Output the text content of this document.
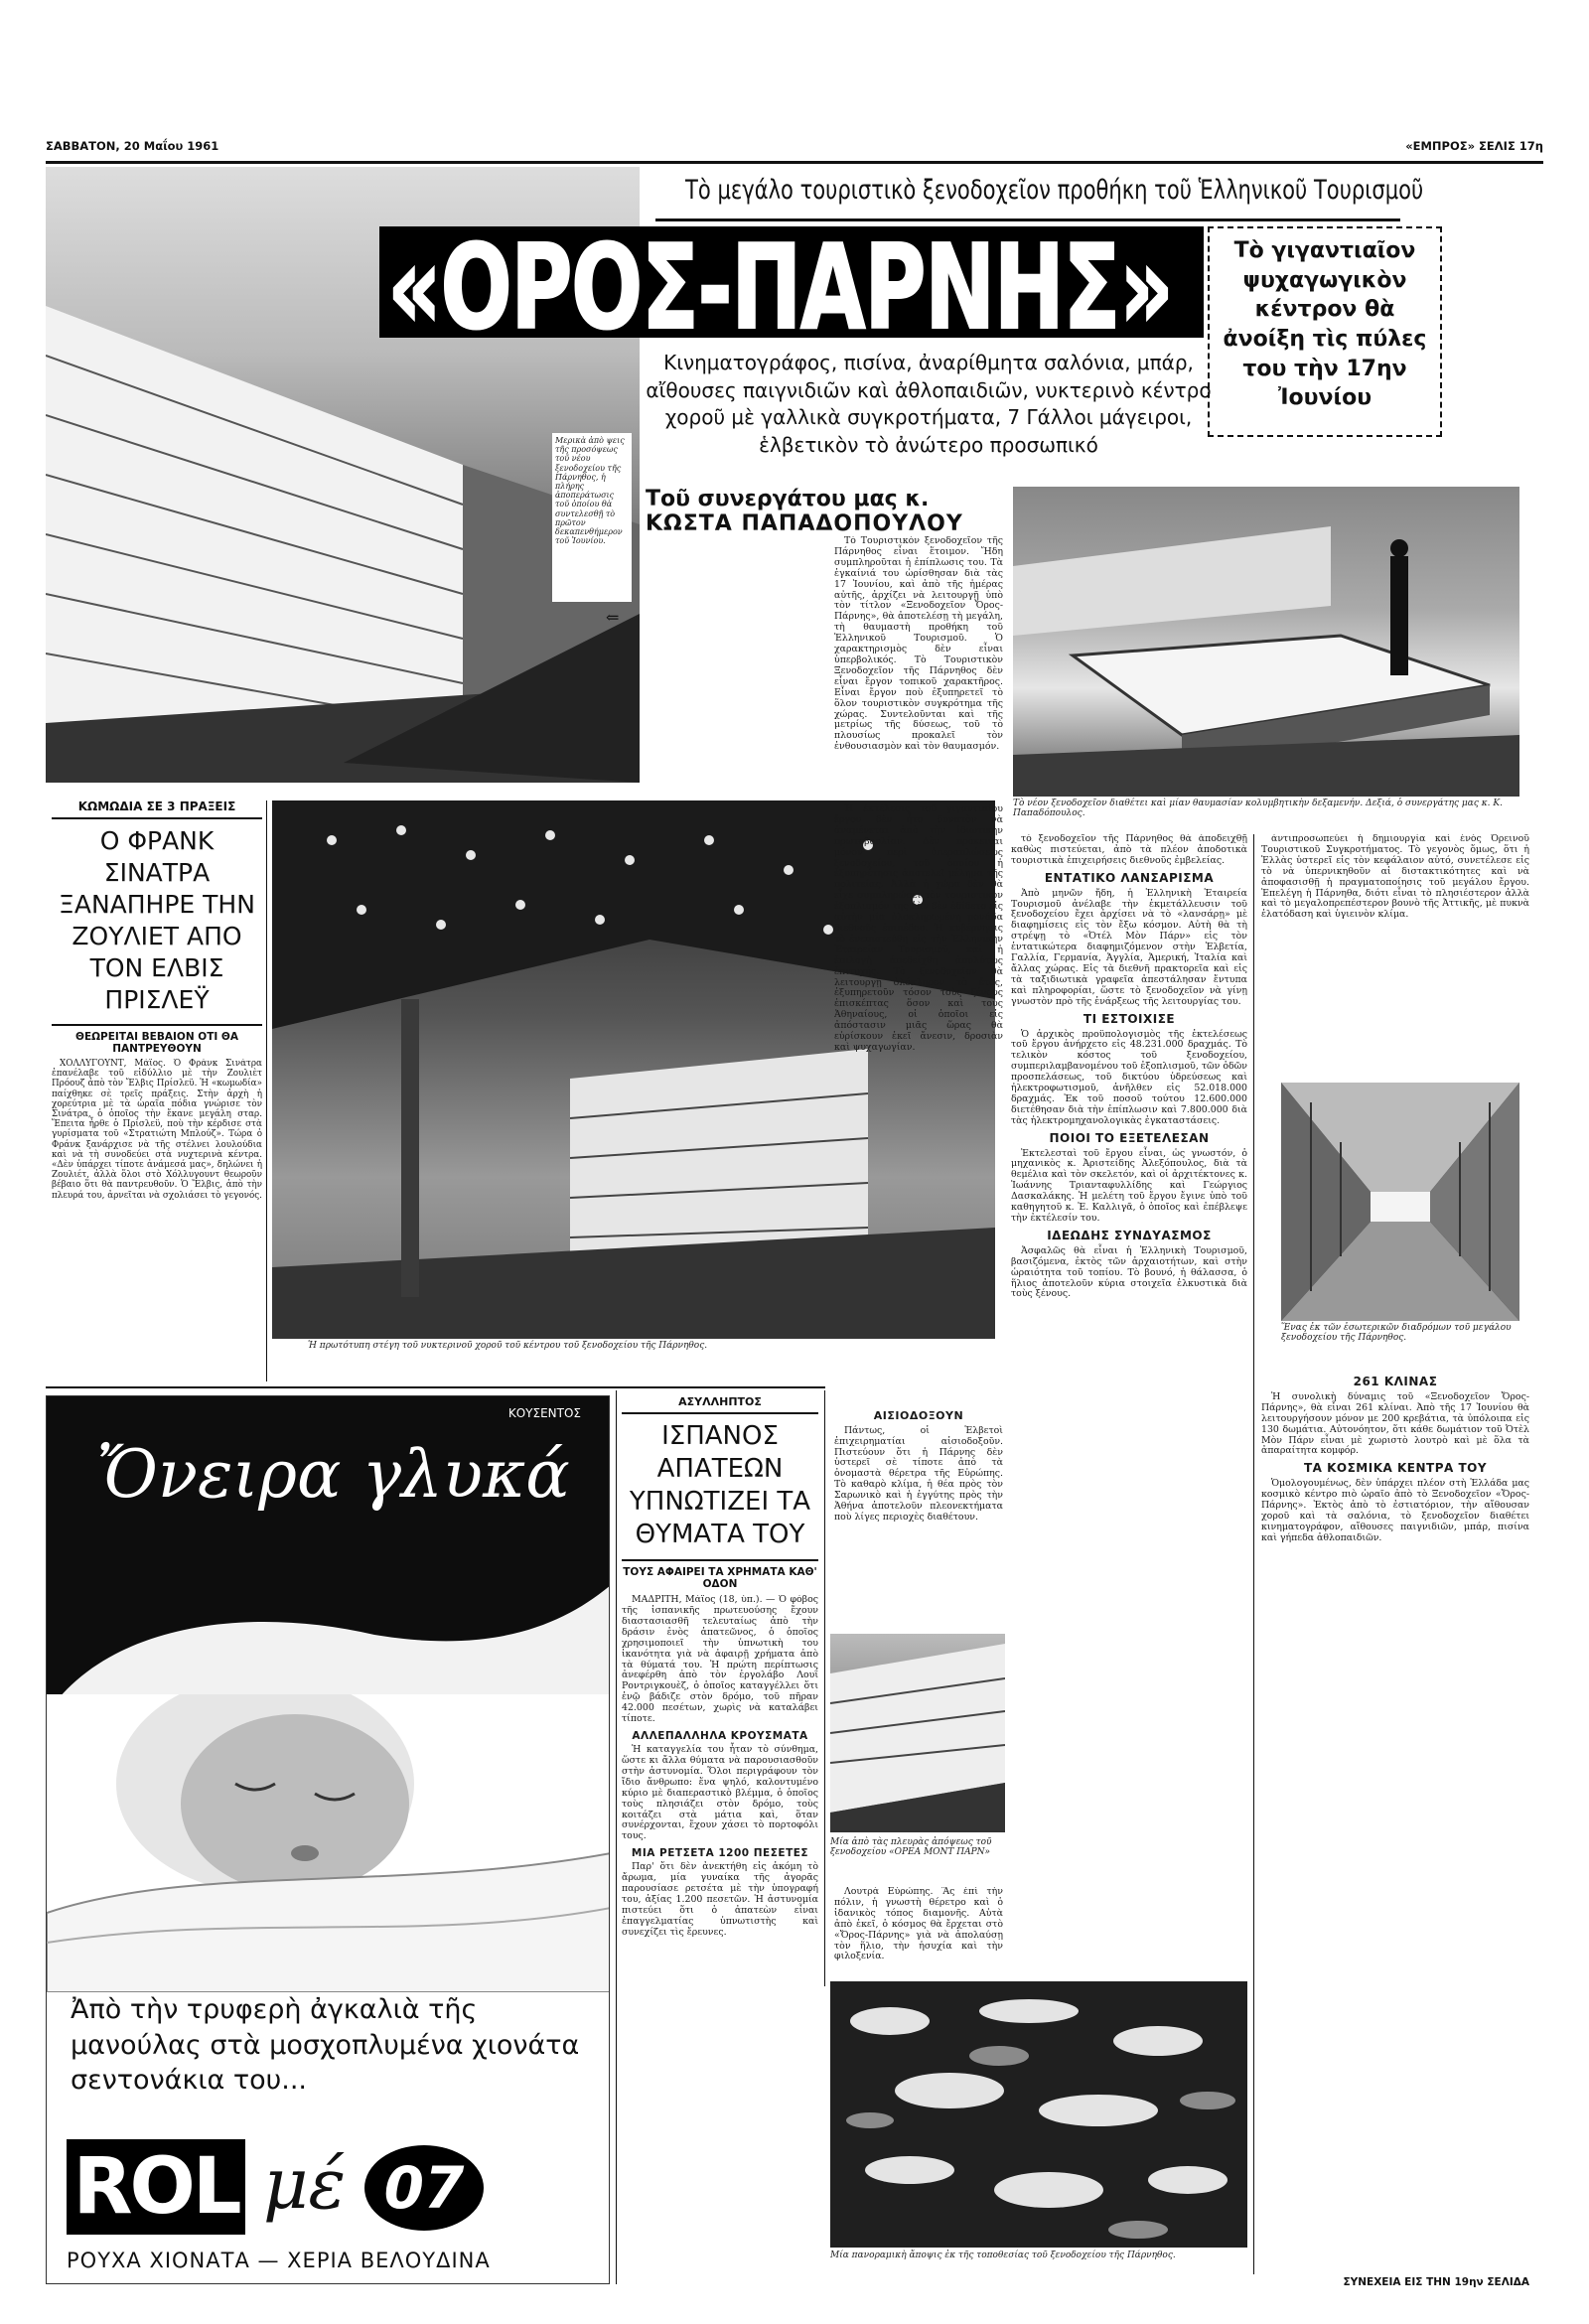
ΣΑΒΒΑΤΟΝ, 20 Μαΐου 1961	«ΕΜΠΡΟΣ» ΣΕΛΙΣ 17η
Μερικὰ ἀπὸ ψεις τῆς προσόψεως τοῦ νέου ξενοδοχείου τῆς Πάρνηθος, ἡ πλήρης ἀποπεράτωσις τοῦ ὁποίου θὰ συντελεσθῇ τὸ πρῶτον δεκαπενθήμερον τοῦ Ἰουνίου.
⇐
Τὸ μεγάλο τουριστικὸ ξενοδοχεῖον προθήκη τοῦ Ἑλληνικοῦ Τουρισμοῦ
«ΟΡΟΣ-ΠΑΡΝΗΣ»	Τὸ γιγαντιαῖον ψυχαγωγικὸν κέντρον θὰ ἀνοίξη τὶς πύλες του τὴν 17ην Ἰουνίου
Κινηματογράφος, πισίνα, ἀναρίθμητα σαλόνια, μπάρ, αἴθουσες παιγνιδιῶν καὶ ἀθλοπαιδιῶν, νυκτερινὸ κέντρο χοροῦ μὲ γαλλικὰ συγκροτήματα, 7 Γάλλοι μάγειροι, ἑλβετικὸν τὸ ἀνώτερο προσωπικό
Τοῦ συνεργάτου μας κ.
ΚΩΣΤΑ ΠΑΠΑΔΟΠΟΥΛΟΥ
ΚΩΜΩΔΙΑ ΣΕ 3 ΠΡΑΞΕΙΣ
Ο ΦΡΑΝΚ ΣΙΝΑΤΡΑ ΞΑΝΑΠΗΡΕ ΤΗΝ ΖΟΥΛΙΕΤ ΑΠΟ ΤΟΝ ΕΛΒΙΣ ΠΡΙΣΛΕΫ
ΘΕΩΡΕΙΤΑΙ ΒΕΒΑΙΟΝ ΟΤΙ ΘΑ ΠΑΝΤΡΕΥΘΟΥΝ
ΧΟΛΛΥΓΟΥΝΤ, Μάϊος. Ὁ Φρὰνκ Σινάτρα ἐπανέλαβε τοῦ εἰδύλλιο μὲ τὴν Ζουλιὲτ Πρόουζ ἀπὸ τὸν Ἔλβις Πρίσλεϋ. Ἡ «κωμωδία» παίχθηκε σὲ τρεῖς πράξεις. Στὴν ἀρχὴ ἡ χορεύτρια μὲ τὰ ὡραῖα πόδια γνώρισε τὸν Σινάτρα, ὁ ὁποῖος τὴν ἔκανε μεγάλη σταρ. Ἔπειτα ἦρθε ὁ Πρίσλεϋ, ποὺ τὴν κέρδισε στὰ γυρίσματα τοῦ «Στρατιώτη Μπλούζ». Τώρα ὁ Φράνκ ξανάρχισε νὰ τῆς στέλνει λουλούδια καὶ νὰ τὴ συνοδεύει στὰ νυχτερινὰ κέντρα. «Δὲν ὑπάρχει τίποτε ἀνάμεσά μας», δηλώνει ἡ Ζουλιέτ, ἀλλὰ ὅλοι στὸ Χόλλυγουντ θεωροῦν βέβαιο ὅτι θὰ παντρευθοῦν. Ὁ Ἔλβις, ἀπὸ τὴν πλευρά του, ἀρνεῖται νὰ σχολιάσει τὸ γεγονός.
Ἡ πρωτότυπη στέγη τοῦ νυκτερινοῦ χοροῦ τοῦ κέντρου τοῦ ξενοδοχείου τῆς Πάρνηθος.

Τὸ Τουριστικὸν ξενοδοχεῖον τῆς Πάρνηθος εἶναι ἕτοιμον. Ἤδη συμπληροῦται ἡ ἐπίπλωσις του. Τὰ ἐγκαίνιά του ὠρίσθησαν διὰ τὰς 17 Ἰουνίου, καὶ ἀπὸ τῆς ἡμέρας αὐτῆς, ἀρχίζει νὰ λειτουργῇ ὑπὸ τὸν τίτλον «Ξενοδοχεῖον Ὄρος-Πάρνης», θὰ ἀποτελέσῃ τὴ μεγάλη, τὴ θαυμαστὴ προθήκη τοῦ Ἑλληνικοῦ Τουρισμοῦ. Ὁ χαρακτηρισμὸς δὲν εἶναι ὑπερβολικός. Τὸ Τουριστικὸν Ξενοδοχεῖον τῆς Πάρνηθος δὲν εἶναι ἔργον τοπικοῦ χαρακτῆρος. Εἶναι ἔργον ποὺ ἐξυπηρετεῖ τὸ ὅλον τουριστικὸν συγκρότημα τῆς χώρας. Συντελοῦνται καὶ τῆς μετρίως τῆς δύσεως, τοῦ τὸ πλουσίως προκαλεῖ τὸν ἐνθουσιασμὸν καὶ τὸν θαυμασμόν.

Τὸ νέον ξενοδοχεῖον διαθέτει καὶ μίαν θαυμασίαν κολυμβητικὴν δεξαμενήν. Δεξιά, ὁ συνεργάτης μας κ. Κ. Παπαδόπουλος.

Ἡ ἐκτέλεσις τοῦ γιγαντιαίου ἔργου δὲν ἦτο δυνατὸν νὰ ἀναμένεται ἀπὸ τὴν ἰδιωτικὴν πρωτοβουλίαν. Δὲν πρόκειται μόνον περὶ ὑπεραπλώσεως ξενοδοχείου, τοῦ ὁποίου ἡ ἐξυπηρέτησις ἀποτελεῖ μέλημα τῆς πολιτείας. Ἀλλὰ ἡ χώρα δὲν θὰ εἶχε συμπληρώσει τὸν τουριστικὸν ἐξοπλισμόν της ἐὰν δὲν ἐδίδετο εἰς αὐτὴν μία ὁλοκληρωμένη μονάδα διεθνοῦς ἐπιπέδου. Ἡ κυβέρνησις τὸ ἐνεπιστεύθη εἰς τὴν Ἑλληνικὴν Ἑταιρείαν Τουρισμοῦ, καὶ ἡ ἐπιλογὴ ἀπεδείχθη ἀπολύτως ἐπιτυχής. Τὸ ξενοδοχεῖον θὰ λειτουργῇ ὁλόκληρον τὸ ἔτος, ἐξυπηρετοῦν τόσον τοὺς ξένους ἐπισκέπτας ὅσον καὶ τοὺς Ἀθηναίους, οἱ ὁποῖοι εἰς ἀπόστασιν μιᾶς ὥρας θὰ εὑρίσκουν ἐκεῖ ἄνεσιν, δροσιὰν καὶ ψυχαγωγίαν.

τὸ ξενοδοχεῖον τῆς Πάρνηθος θὰ ἀποδειχθῇ καθὼς πιστεύεται, ἀπὸ τὰ πλέον ἀποδοτικὰ τουριστικὰ ἐπιχειρήσεις διεθνοῦς ἐμβελείας.

ΕΝΤΑΤΙΚΟ ΛΑΝΣΑΡΙΣΜΑ

Ἀπὸ μηνῶν ἤδη, ἡ Ἑλληνικὴ Ἑταιρεία Τουρισμοῦ ἀνέλαβε τὴν ἐκμετάλλευσιν τοῦ ξενοδοχείου ἔχει ἀρχίσει νὰ τὸ «λανσάρῃ» μὲ διαφημίσεις εἰς τὸν ἔξω κόσμον. Αὐτὴ θὰ τὴ στρέψῃ τὸ «Ὀτέλ Μὸν Πάρν» εἰς τὸν ἐντατικώτερα διαφημιζόμενον στὴν Ἑλβετία, Γαλλία, Γερμανία, Ἀγγλία, Ἀμερική, Ἰταλία καὶ ἄλλας χώρας. Εἰς τὰ διεθνῆ πρακτορεῖα καὶ εἰς τὰ ταξιδιωτικὰ γραφεῖα ἀπεστάλησαν ἔντυπα καὶ πληροφορίαι, ὥστε τὸ ξενοδοχεῖον νὰ γίνῃ γνωστὸν πρὸ τῆς ἐνάρξεως τῆς λειτουργίας του.

ΤΙ ΕΣΤΟΙΧΙΣΕ

Ὁ ἀρχικὸς προϋπολογισμὸς τῆς ἐκτελέσεως τοῦ ἔργου ἀνήρχετο εἰς 48.231.000 δραχμάς. Τὸ τελικὸν κόστος τοῦ ξενοδοχείου, συμπεριλαμβανομένου τοῦ ἐξοπλισμοῦ, τῶν ὁδῶν προσπελάσεως, τοῦ δικτύου ὑδρεύσεως καὶ ἠλεκτροφωτισμοῦ, ἀνῆλθεν εἰς 52.018.000 δραχμάς. Ἐκ τοῦ ποσοῦ τούτου 12.600.000 διετέθησαν διὰ τὴν ἐπίπλωσιν καὶ 7.800.000 διὰ τὰς ἠλεκτρομηχανολογικὰς ἐγκαταστάσεις.

ΠΟΙΟΙ ΤΟ ΕΞΕΤΕΛΕΣΑΝ

Ἐκτελεσταὶ τοῦ ἔργου εἶναι, ὡς γνωστόν, ὁ μηχανικὸς κ. Ἀριστείδης Ἀλεξόπουλος, διὰ τὰ θεμέλια καὶ τὸν σκελετόν, καὶ οἱ ἀρχιτέκτονες κ. Ἰωάννης Τριανταφυλλίδης καὶ Γεώργιος Δασκαλάκης. Ἡ μελέτη τοῦ ἔργου ἔγινε ὑπὸ τοῦ καθηγητοῦ κ. Ἐ. Καλλιγᾶ, ὁ ὁποῖος καὶ ἐπέβλεψε τὴν ἐκτέλεσίν του.

ΙΔΕΩΔΗΣ ΣΥΝΔΥΑΣΜΟΣ

Ἀσφαλῶς θὰ εἶναι ἡ Ἑλληνικὴ Τουρισμοῦ, βασιζόμενα, ἐκτὸς τῶν ἀρχαιοτήτων, καὶ στὴν ὡραιότητα τοῦ τοπίου. Τὸ βουνό, ἡ θάλασσα, ὁ ἥλιος ἀποτελοῦν κύρια στοιχεῖα ἑλκυστικὰ διὰ τοὺς ξένους.

ἀντιπροσωπεύει ἡ δημιουργία καὶ ἑνὸς Ὀρεινοῦ Τουριστικοῦ Συγκροτήματος. Τὸ γεγονὸς ὅμως, ὅτι ἡ Ἑλλὰς ὑστερεῖ εἰς τὸν κεφάλαιον αὐτό, συνετέλεσε εἰς τὸ νὰ ὑπερνικηθοῦν αἱ διστακτικότητες καὶ νὰ ἀποφασισθῇ ἡ πραγματοποίησις τοῦ μεγάλου ἔργου. Ἐπελέγη ἡ Πάρνηθα, διότι εἶναι τὸ πλησιέστερον ἀλλὰ καὶ τὸ μεγαλοπρεπέστερον βουνὸ τῆς Ἀττικῆς, μὲ πυκνὰ ἐλατόδαση καὶ ὑγιεινὸν κλίμα.

Ἕνας ἐκ τῶν ἐσωτερικῶν διαδρόμων τοῦ μεγάλου ξενοδοχείου τῆς Πάρνηθος.
261 ΚΛΙΝΑΣ

Ἡ συνολικὴ δύναμις τοῦ «Ξενοδοχεῖον Ὄρος-Πάρνης», θὰ εἶναι 261 κλίναι. Ἀπὸ τῆς 17 Ἰουνίου θὰ λειτουργήσουν μόνον με 200 κρεβάτια, τὰ ὑπόλοιπα εἰς 130 δωμάτια. Αὐτονόητον, ὅτι κάθε δωμάτιον τοῦ Ὀτὲλ Μὸν Πάρν εἶναι μὲ χωριστὸ λουτρὸ καὶ μὲ ὅλα τὰ ἀπαραίτητα κομφόρ.

ΤΑ ΚΟΣΜΙΚΑ ΚΕΝΤΡΑ ΤΟΥ

Ὁμολογουμένως, δὲν ὑπάρχει πλέον στὴ Ἑλλάδα μας κοσμικὸ κέντρο πιὸ ὡραῖο ἀπὸ τὸ Ξενοδοχεῖον «Ὄρος-Πάρνης». Ἐκτὸς ἀπὸ τὸ ἐστιατόριον, τὴν αἴθουσαν χοροῦ καὶ τὰ σαλόνια, τὸ ξενοδοχεῖον διαθέτει κινηματογράφον, αἴθουσες παιγνιδιῶν, μπάρ, πισίνα καὶ γήπεδα ἀθλοπαιδιῶν.

ΣΥΝΕΧΕΙΑ ΕΙΣ ΤΗΝ 19ην ΣΕΛΙΔΑ
ΚΟΥΣΕΝΤΟΣ
Ὄνειρα γλυκά
Ἀπὸ τὴν τρυφερὴ ἀγκαλιὰ τῆς μανούλας στὰ μοσχοπλυμένα χιονάτα σεντονάκια του...
ROL μέ 07
ΡΟΥΧΑ ΧΙΟΝΑΤΑ — ΧΕΡΙΑ ΒΕΛΟΥΔΙΝΑ
ΑΣΥΛΛΗΠΤΟΣ
ΙΣΠΑΝΟΣ ΑΠΑΤΕΩΝ ΥΠΝΩΤΙΖΕΙ ΤΑ ΘΥΜΑΤΑ ΤΟΥ
ΤΟΥΣ ΑΦΑΙΡΕΙ ΤΑ ΧΡΗΜΑΤΑ ΚΑΘ' ΟΔΟΝ

ΜΑΔΡΙΤΗ, Μάϊος (18, ὑπ.). — Ὁ φόβος τῆς ἱσπανικῆς πρωτευούσης ἔχουν διαστασιασθῆ τελευταίως ἀπὸ τὴν δράσιν ἑνὸς ἀπατεῶνος, ὁ ὁποῖος χρησιμοποιεῖ τὴν ὑπνωτικὴ του ἱκανότητα γιὰ νὰ ἀφαιρῇ χρήματα ἀπὸ τὰ θύματά του. Ἡ πρώτη περίπτωσις ἀνεφέρθη ἀπὸ τὸν ἐργολάβο Λουΐ Ροντριγκουὲζ, ὁ ὁποῖος καταγγέλλει ὅτι ἐνῷ βάδιζε στὸν δρόμο, τοῦ πῆραν 42.000 πεσέτων, χωρὶς νὰ καταλάβει τίποτε.

ΑΛΛΕΠΑΛΛΗΛΑ ΚΡΟΥΣΜΑΤΑ

Ἡ καταγγελία του ἦταν τὸ σύνθημα, ὥστε κι ἄλλα θύματα νὰ παρουσιασθοῦν στὴν ἀστυνομία. Ὅλοι περιγράφουν τὸν ἴδιο ἄνθρωπο: ἕνα ψηλό, καλοντυμένο κύριο μὲ διαπεραστικὸ βλέμμα, ὁ ὁποῖος τοὺς πλησιάζει στὸν δρόμο, τοὺς κοιτάζει στὰ μάτια καὶ, ὅταν συνέρχονται, ἔχουν χάσει τὸ πορτοφόλι τους.

ΜΙΑ ΡΕΤΣΕΤΑ 1200 ΠΕΣΕΤΕΣ

Παρ' ὅτι δὲν ἀνεκτήθη εἰς ἀκόμη τὸ ἄρωμα, μία γυναίκα τῆς ἀγορᾶς παρουσίασε ρετσέτα μὲ τὴν ὑπογραφή του, ἀξίας 1.200 πεσετῶν. Ἡ ἀστυνομία πιστεύει ὅτι ὁ ἀπατεὼν εἶναι ἐπαγγελματίας ὑπνωτιστὴς καὶ συνεχίζει τὶς ἔρευνες.

ΑΙΣΙΟΔΟΞΟΥΝ

Πάντως, οἱ Ἑλβετοὶ ἐπιχειρηματίαι αἰσιοδοξοῦν. Πιστεύουν ὅτι ἡ Πάρνης δὲν ὑστερεῖ σὲ τίποτε ἀπὸ τὰ ὀνομαστὰ θέρετρα τῆς Εὐρώπης. Τὸ καθαρὸ κλίμα, ἡ θέα πρὸς τὸν Σαρωνικὸ καὶ ἡ ἐγγύτης πρὸς τὴν Ἀθήνα ἀποτελοῦν πλεονεκτήματα ποὺ λίγες περιοχὲς διαθέτουν.

Μία ἀπὸ τὰς πλευρὰς ἀπόψεως τοῦ ξενοδοχείου «ΟΡΕΑ ΜΟΝΤ ΠΑΡΝ»

Λουτρὰ Εὐρώπης. Ἂς ἐπὶ τὴν πόλιν, ἡ γνωστὴ θέρετρο καὶ ὁ ἰδανικὸς τόπος διαμονῆς. Αὐτὰ ἀπὸ ἐκεῖ, ὁ κόσμος θὰ ἔρχεται στὸ «Ὄρος-Πάρνης» γιὰ νὰ ἀπολαύσῃ τὸν ἥλιο, τὴν ἡσυχία καὶ τὴν φιλοξενία.

Μία πανοραμικὴ ἄποψις ἐκ τῆς τοποθεσίας τοῦ ξενοδοχείου τῆς Πάρνηθος.
